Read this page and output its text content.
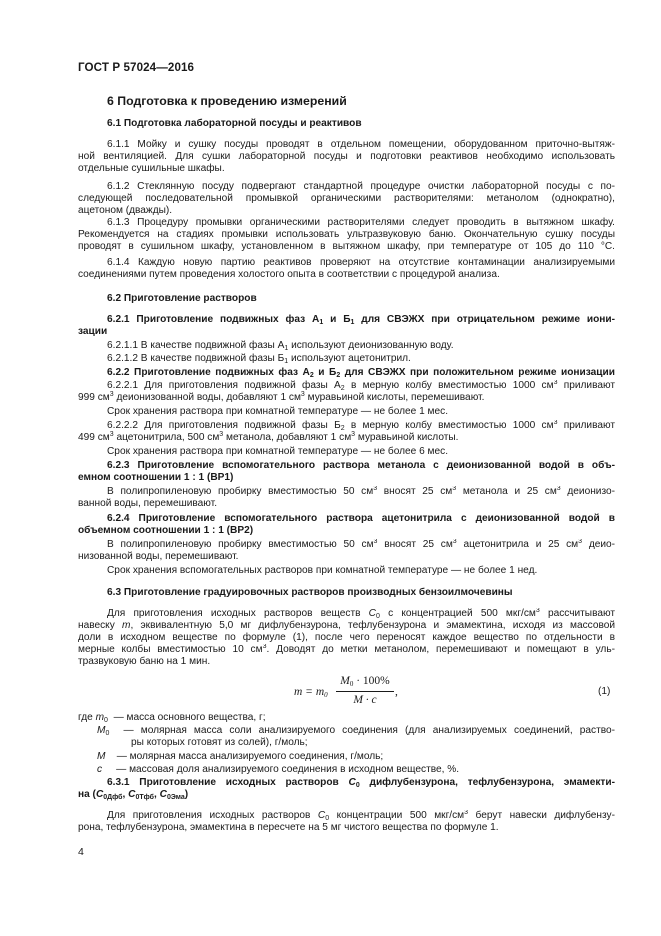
ГОСТ Р 57024—2016
6 Подготовка к проведению измерений
6.1 Подготовка лабораторной посуды и реактивов
6.1.1 Мойку и сушку посуды проводят в отдельном помещении, оборудованном приточно-вытяж-
ной вентиляцией. Для сушки лабораторной посуды и подготовки реактивов необходимо использовать
отдельные сушильные шкафы.
6.1.2 Стеклянную посуду подвергают стандартной процедуре очистки лабораторной посуды с по-
следующей последовательной промывкой органическими растворителями: метанолом (однократно),
ацетоном (дважды).
6.1.3 Процедуру промывки органическими растворителями следует проводить в вытяжном шкафу.
Рекомендуется на стадиях промывки использовать ультразвуковую баню. Окончательную сушку посуды
проводят в сушильном шкафу, установленном в вытяжном шкафу, при температуре от 105 до 110 °С.
6.1.4 Каждую новую партию реактивов проверяют на отсутствие контаминации анализируемыми
соединениями путем проведения холостого опыта в соответствии с процедурой анализа.
6.2 Приготовление растворов
6.2.1 Приготовление подвижных фаз $А_1$ и $Б_1$ для СВЭЖХ при отрицательном режиме иони-
зации
6.2.1.1 В качестве подвижной фазы $А_1$ используют деионизованную воду.
6.2.1.2 В качестве подвижной фазы $Б_1$ используют ацетонитрил.
6.2.2 Приготовление подвижных фаз $А_2$ и $Б_2$ для СВЭЖХ при положительном режиме ионизации
6.2.2.1 Для приготовления подвижной фазы $А_2$ в мерную колбу вместимостью 1000 $см^3$ приливают
999 $см^3$ деионизованной воды, добавляют 1 $см^3$ муравьиной кислоты, перемешивают.
Срок хранения раствора при комнатной температуре — не более 1 мес.
6.2.2.2 Для приготовления подвижной фазы $Б_2$ в мерную колбу вместимостью 1000 $см^3$ приливают
499 $см^3$ ацетонитрила, 500 $см^3$ метанола, добавляют 1 $см^3$ муравьиной кислоты.
Срок хранения раствора при комнатной температуре — не более 6 мес.
6.2.3 Приготовление вспомогательного раствора метанола с деионизованной водой в объ-
емном соотношении 1 : 1 (ВР1)
В полипропиленовую пробирку вместимостью 50 $см^3$ вносят 25 $см^3$ метанола и 25 $см^3$ деионизо-
ванной воды, перемешивают.
6.2.4 Приготовление вспомогательного раствора ацетонитрила с деионизованной водой в
объемном соотношении 1 : 1 (ВР2)
В полипропиленовую пробирку вместимостью 50 $см^3$ вносят 25 $см^3$ ацетонитрила и 25 $см^3$ деио-
низованной воды, перемешивают.
Срок хранения вспомогательных растворов при комнатной температуре — не более 1 нед.
6.3 Приготовление градуировочных растворов производных бензоилмочевины
Для приготовления исходных растворов веществ $С_0$ с концентрацией 500 мкг/$см^3$ рассчитывают
навеску m, эквивалентную 5,0 мг дифлубензурона, тефлубензурона и эмамектина, исходя из массовой
доли в исходном веществе по формуле (1), после чего переносят каждое вещество по отдельности в
мерные колбы вместимостью 10 $см^3$. Доводят до метки метанолом, перемешивают и помещают в уль-
тразвуковую баню на 1 мин.
где $m_0$  — масса основного вещества, г;
$M_0$  — молярная масса соли анализируемого соединения (для анализируемых соединений, раство-
ры которых готовят из солей), г/моль;
M    — молярная масса анализируемого соединения, г/моль;
с     — массовая доля анализируемого соединения в исходном веществе, %.
6.3.1 Приготовление исходных растворов $С_0$ дифлубензурона, тефлубензурона, эмамекти-
на ($С_{0Дфб}$, $С_{0Тфб}$, $С_{0Эма}$)
Для приготовления исходных растворов $С_0$ концентрации 500 мкг/$см^3$ берут навески дифлубензу-
рона, тефлубензурона, эмамектина в пересчете на 5 мг чистого вещества по формуле 1.
$m = m_0$
$M_0 \cdot 100\%$
M · c
,	(1)
4
